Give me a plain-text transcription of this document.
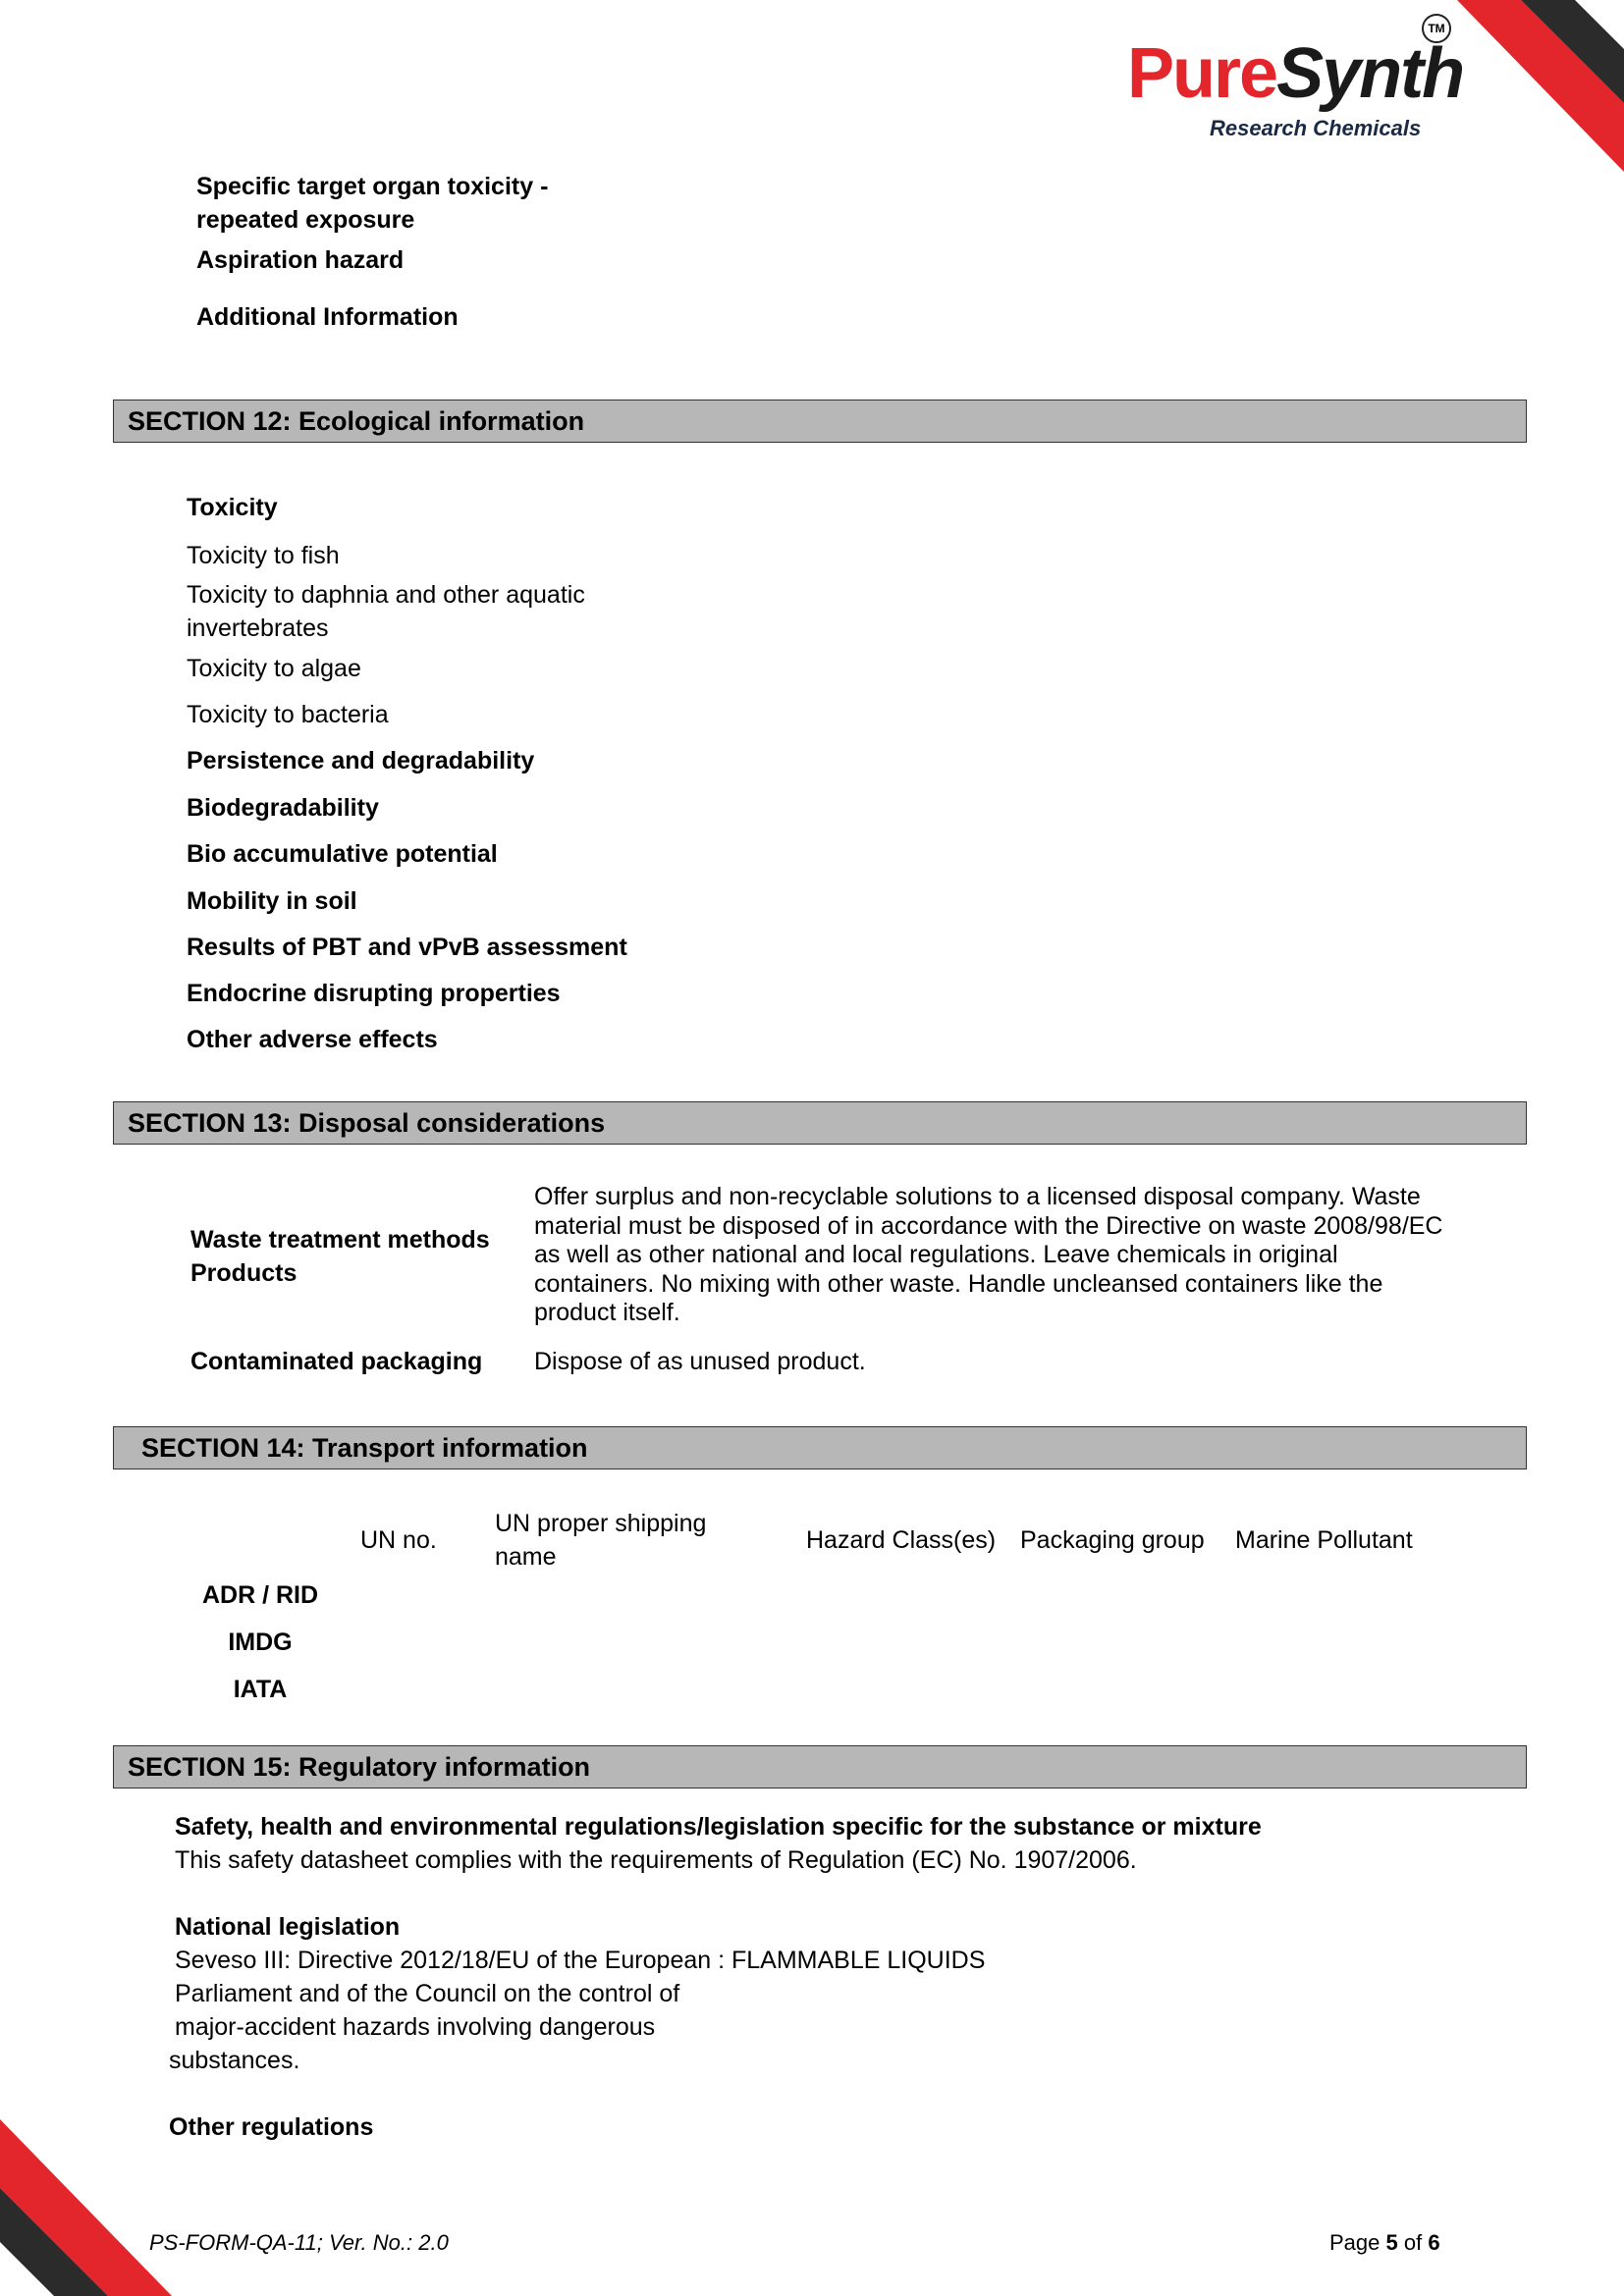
PureSynth
TM
Research Chemicals
Specific target organ toxicity -
repeated exposure
Aspiration hazard
Additional Information
SECTION 12: Ecological information
Toxicity
Toxicity to fish
Toxicity to daphnia and other aquatic
invertebrates
Toxicity to algae
Toxicity to bacteria
Persistence and degradability
Biodegradability
Bio accumulative potential
Mobility in soil
Results of PBT and vPvB assessment
Endocrine disrupting properties
Other adverse effects
SECTION 13: Disposal considerations
Waste treatment methods
Products
Offer surplus and non-recyclable solutions to a licensed disposal company. Waste material must be disposed of in accordance with the Directive on waste 2008/98/EC as well as other national and local regulations. Leave chemicals in original containers. No mixing with other waste. Handle uncleansed containers like the product itself.
Contaminated packaging Dispose of as unused product.
SECTION 14: Transport information
UN no.
UN proper shipping
name
Hazard Class(es) Packaging group Marine Pollutant
ADR / RID
IMDG
IATA
SECTION 15: Regulatory information
Safety, health and environmental regulations/legislation specific for the substance or mixture
This safety datasheet complies with the requirements of Regulation (EC) No. 1907/2006.
National legislation
Seveso III: Directive 2012/18/EU of the European : FLAMMABLE LIQUIDS
Parliament and of the Council on the control of
major-accident hazards involving dangerous
substances.
Other regulations
PS-FORM-QA-11; Ver. No.: 2.0	Page 5 of 6
